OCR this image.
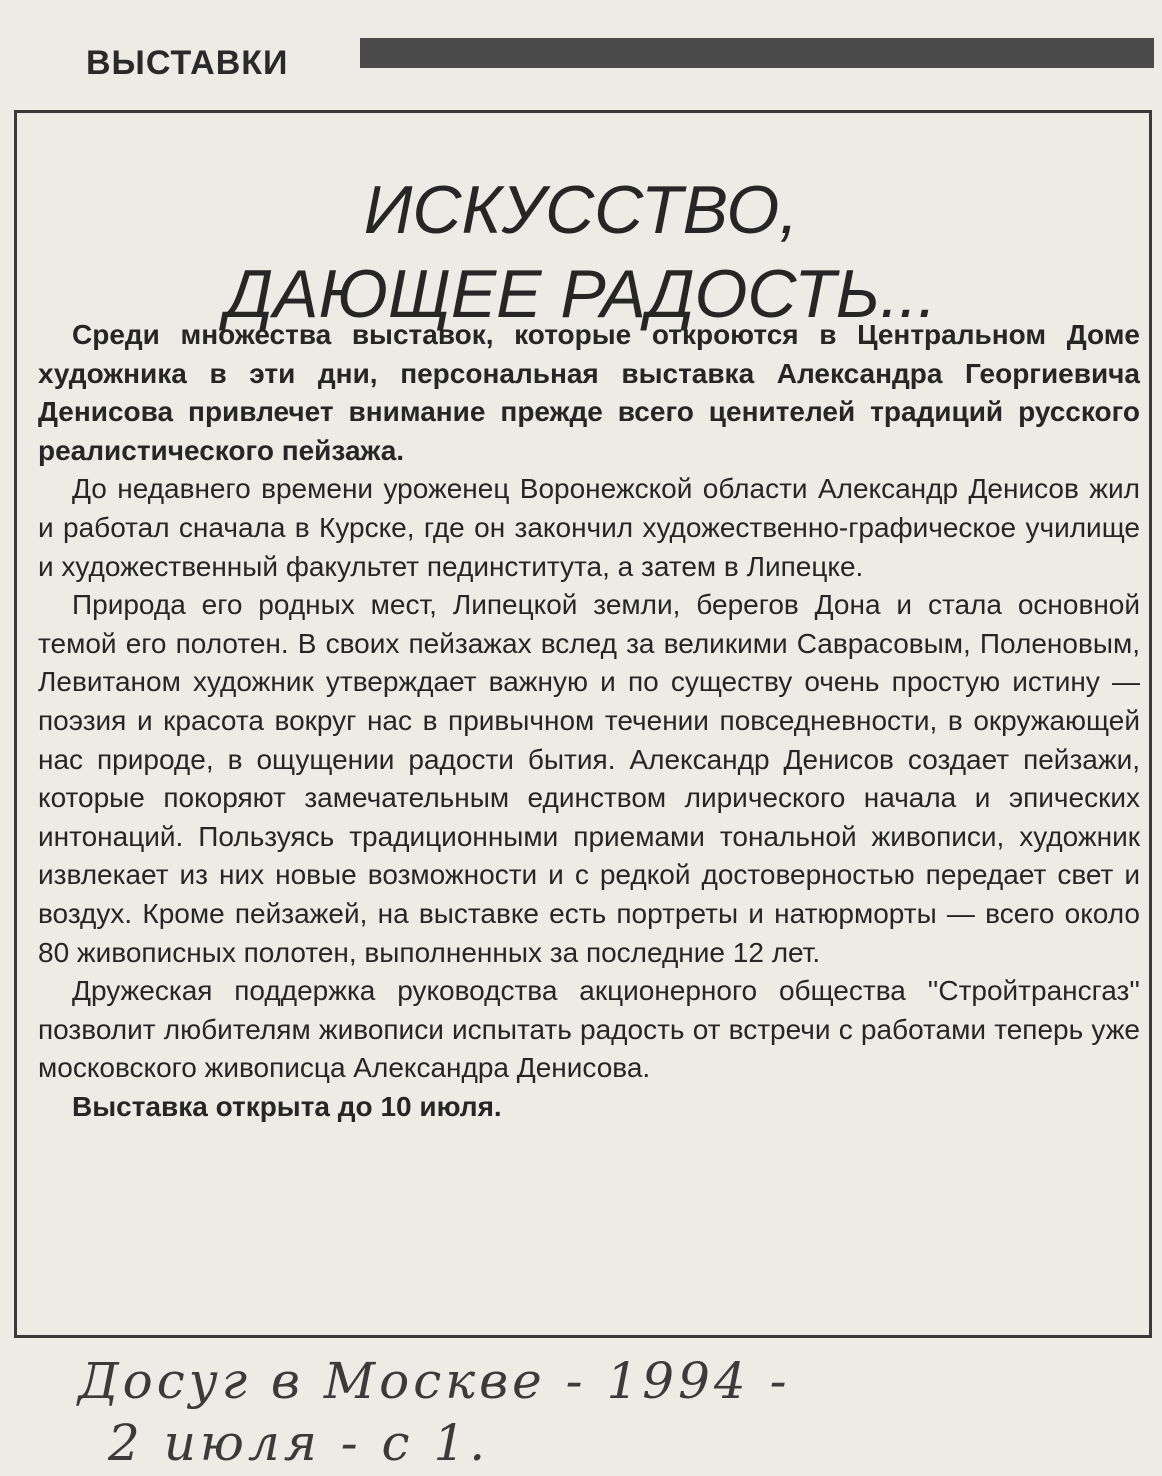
ВЫСТАВКИ
ИСКУССТВО,
ДАЮЩЕЕ РАДОСТЬ...

Среди множества выставок, которые откроются в Центральном Доме художника в эти дни, персональная выставка Александра Георгиевича Денисова привлечет внимание прежде всего ценителей традиций русского реалистического пейзажа.

До недавнего времени уроженец Воронежской области Александр Денисов жил и работал сначала в Курске, где он закончил художественно-графическое училище и художественный факультет пединститута, а затем в Липецке.

Природа его родных мест, Липецкой земли, берегов Дона и стала основной темой его полотен. В своих пейзажах вслед за великими Саврасовым, Поленовым, Левитаном художник утверждает важную и по существу очень простую истину — поэзия и красота вокруг нас в привычном течении повседневности, в окружающей нас природе, в ощущении радости бытия. Александр Денисов создает пейзажи, которые покоряют замечательным единством лирического начала и эпических интонаций. Пользуясь традиционными приемами тональной живописи, художник извлекает из них новые возможности и с редкой достоверностью передает свет и воздух. Кроме пейзажей, на выставке есть портреты и натюрморты — всего около 80 живописных полотен, выполненных за последние 12 лет.

Дружеская поддержка руководства акционерного общества ''Стройтрансгаз'' позволит любителям живописи испытать радость от встречи с работами теперь уже московского живописца Александра Денисова.

Выставка открыта до 10 июля.

Досуг в Москве - 1994 -
2 июля - с 1.
